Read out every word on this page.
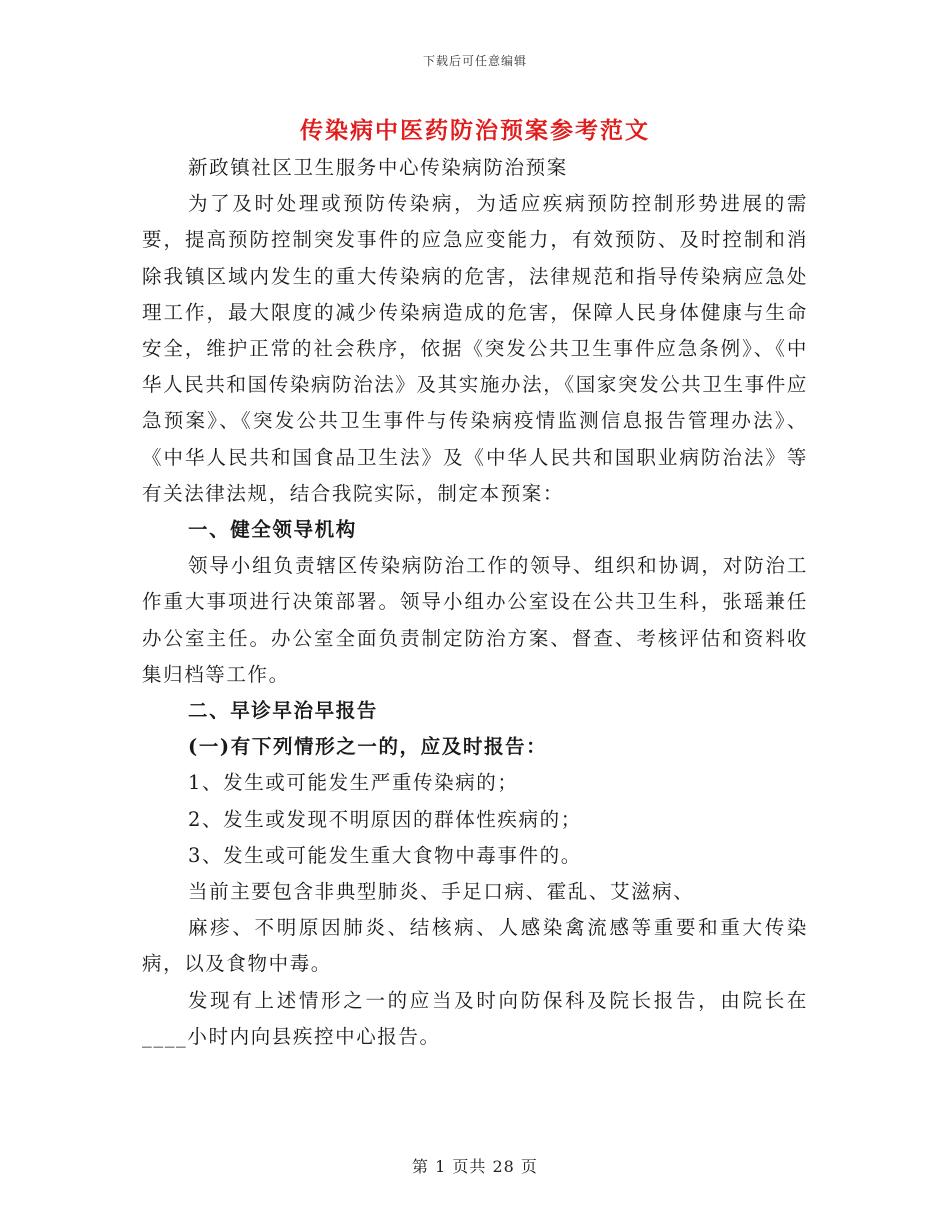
下载后可任意编辑
传染病中医药防治预案参考范文

新政镇社区卫生服务中心传染病防治预案

为了及时处理或预防传染病，为适应疾病预防控制形势进展的需要，提高预防控制突发事件的应急应变能力，有效预防、及时控制和消除我镇区域内发生的重大传染病的危害，法律规范和指导传染病应急处理工作，最大限度的减少传染病造成的危害，保障人民身体健康与生命安全，维护正常的社会秩序，依据《突发公共卫生事件应急条例》、《中华人民共和国传染病防治法》及其实施办法，《国家突发公共卫生事件应急预案》、《突发公共卫生事件与传染病疫情监测信息报告管理办法》、《中华人民共和国食品卫生法》及《中华人民共和国职业病防治法》等有关法律法规，结合我院实际，制定本预案：

一、健全领导机构

领导小组负责辖区传染病防治工作的领导、组织和协调，对防治工作重大事项进行决策部署。领导小组办公室设在公共卫生科，张瑶兼任办公室主任。办公室全面负责制定防治方案、督查、考核评估和资料收集归档等工作。

二、早诊早治早报告

(一)有下列情形之一的，应及时报告：

1、发生或可能发生严重传染病的；

2、发生或发现不明原因的群体性疾病的；

3、发生或可能发生重大食物中毒事件的。

当前主要包含非典型肺炎、手足口病、霍乱、艾滋病、

麻疹、不明原因肺炎、结核病、人感染禽流感等重要和重大传染病，以及食物中毒。

发现有上述情形之一的应当及时向防保科及院长报告，由院长在____小时内向县疾控中心报告。

第 1 页共 28 页
